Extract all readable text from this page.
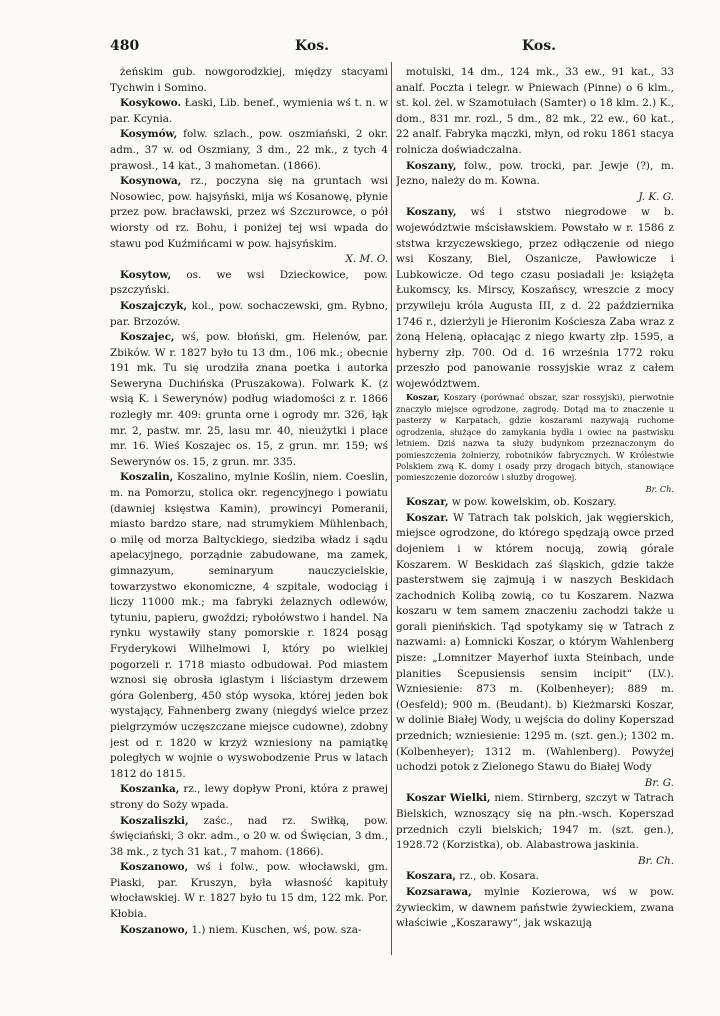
480	Kos.	Kos.

żeńskim gub. nowgorodzkiej, między stacyami Tychwin i Somino.

Kosykowo. Łaski, Lib. benef., wymienia wś t. n. w par. Kcynia.

Kosymów, folw. szlach., pow. oszmiański, 2 okr. adm., 37 w. od Oszmiany, 3 dm., 22 mk., z tych 4 prawosł., 14 kat., 3 mahometan. (1866).

Kosynowa, rz., poczyna się na gruntach wsi Nosowiec, pow. hajsyński, mija wś Kosanowę, płynie przez pow. bracławski, przez wś Szczurowce, o pół wiorsty od rz. Bohu, i poniżej tej wsi wpada do stawu pod Kuźmińcami w pow. hajsyńskim.
X. M. O.

Kosytow, os. we wsi Dzieckowice, pow. pszczyński.

Koszajczyk, kol., pow. sochaczewski, gm. Rybno, par. Brzozów.

Koszajec, wś, pow. błoński, gm. Helenów, par. Zbików. W r. 1827 było tu 13 dm., 106 mk.; obecnie 191 mk. Tu się urodziła znana poetka i autorka Seweryna Duchińska (Pruszakowa). Folwark K. (z wsią K. i Sewerynów) podług wiadomości z r. 1866 rozległy mr. 409: grunta orne i ogrody mr. 326, łąk mr. 2, pastw. mr. 25, lasu mr. 40, nieużytki i place mr. 16. Wieś Koszajec os. 15, z grun. mr. 159; wś Sewerynów os. 15, z grun. mr. 335.

Koszalin, Koszalino, mylnie Koślin, niem. Coeslin, m. na Pomorzu, stolica okr. regencyjnego i powiatu (dawniej księstwa Kamin), prowincyi Pomeranii, miasto bardzo stare, nad strumykiem Mühlenbach, o milę od morza Baltyckiego, siedziba władz i sądu apelacyjnego, porządnie zabudowane, ma zamek, gimnazyum, seminaryum nauczycielskie, towarzystwo ekonomiczne, 4 szpitale, wodociąg i liczy 11000 mk.; ma fabryki żelaznych odlewów, tytuniu, papieru, gwoździ; rybołówstwo i handel. Na rynku wystawiły stany pomorskie r. 1824 posąg Fryderykowi Wilhelmowi I, który po wielkiej pogorzeli r. 1718 miasto odbudował. Pod miastem wznosi się obrosła iglastym i liściastym drzewem góra Golenberg, 450 stóp wysoka, której jeden bok wystający, Fahnenberg zwany (niegdyś wielce przez pielgrzymów uczęszczane miejsce cudowne), zdobny jest od r. 1820 w krzyż wzniesiony na pamiątkę poległych w wojnie o wyswobodzenie Prus w latach 1812 do 1815.

Koszanka, rz., lewy dopływ Proni, która z prawej strony do Soży wpada.

Koszaliszki, zaśc., nad rz. Swiłką, pow. święciański, 3 okr. adm., o 20 w. od Święcian, 3 dm., 38 mk., z tych 31 kat., 7 mahom. (1866).

Koszanowo, wś i folw., pow. włocławski, gm. Piaski, par. Kruszyn, była własność kapituły włocławskiej. W r. 1827 było tu 15 dm, 122 mk. Por. Kłobia.

Koszanowo, 1.) niem. Kuschen, wś, pow. sza-

motulski, 14 dm., 124 mk., 33 ew., 91 kat., 33 analf. Poczta i telegr. w Pniewach (Pinne) o 6 klm., st. kol. żel. w Szamotułach (Samter) o 18 klm. 2.) K., dom., 831 mr. rozl., 5 dm., 82 mk., 22 ew., 60 kat., 22 analf. Fabryka mączki, młyn, od roku 1861 stacya rolnicza doświadczalna.

Koszany, folw., pow. trocki, par. Jewje (?), m. Jezno, należy do m. Kowna.
J. K. G.

Koszany, wś i ststwo niegrodowe w b. województwie mścisławskiem. Powstało w r. 1586 z ststwa krzyczewskiego, przez odłączenie od niego wsi Koszany, Biel, Oszanicze, Pawłowicze i Lubkowicze. Od tego czasu posiadali je: książęta Łukomscy, ks. Mirscy, Koszańscy, wreszcie z mocy przywileju króla Augusta III, z d. 22 października 1746 r., dzierżyli je Hieronim Kościesza Zaba wraz z żoną Heleną, opłacając z niego kwarty złp. 1595, a hyberny złp. 700. Od d. 16 września 1772 roku przeszło pod panowanie rossyjskie wraz z całem województwem.

Koszar, Koszary (porównać obszar, szar rossyjski), pierwotnie znaczyło miejsce ogrodzone, zagrodę. Dotąd ma to znaczenie u pasterzy w Karpatach, gdzie koszarami nazywają ruchome ogrodzenia, służące do zamykania bydła i owiec na pastwisku letniem. Dziś nazwa ta służy budynkom przeznaczonym do pomieszczenia żołnierzy, robotników fabrycznych. W Królestwie Polskiem zwą K. domy i osady przy drogach bitych, stanowiące pomieszczenie dozorców i służby drogowej.
Br. Ch.

Koszar, w pow. kowelskim, ob. Koszary.

Koszar. W Tatrach tak polskich, jak węgierskich, miejsce ogrodzone, do którego spędzają owce przed dojeniem i w którem nocują, zowią górale Koszarem. W Beskidach zaś śląskich, gdzie także pasterstwem się zajmują i w naszych Beskidach zachodnich Kolibą zowią, co tu Koszarem. Nazwa koszaru w tem samem znaczeniu zachodzi także u gorali pienińskich. Tąd spotykamy się w Tatrach z nazwami: a) Łomnicki Koszar, o którym Wahlenberg pisze: „Lomnitzer Mayerhof iuxta Steinbach, unde planities Scepusiensis sensim incipit“ (LV.). Wzniesienie: 873 m. (Kolbenheyer); 889 m. (Oesfeld); 900 m. (Beudant). b) Kieżmarski Koszar, w dolinie Białej Wody, u wejścia do doliny Koperszad przednich; wzniesienie: 1295 m. (szt. gen.); 1302 m. (Kolbenheyer); 1312 m. (Wahlenberg). Powyżej uchodzi potok z Zielonego Stawu do Białej Wody
Br. G.

Koszar Wielki, niem. Stirnberg, szczyt w Tatrach Bielskich, wznoszący się na płn.-wsch. Koperszad przednich czyli bielskich; 1947 m. (szt. gen.), 1928.72 (Korzistka), ob. Alabastrowa jaskinia.
Br. Ch.

Koszara, rz., ob. Kosara.

Kozsarawa, mylnie Kozierowa, wś w pow. żywieckim, w dawnem państwie żywieckiem, zwana właściwie „Koszarawy“, jak wskazują
